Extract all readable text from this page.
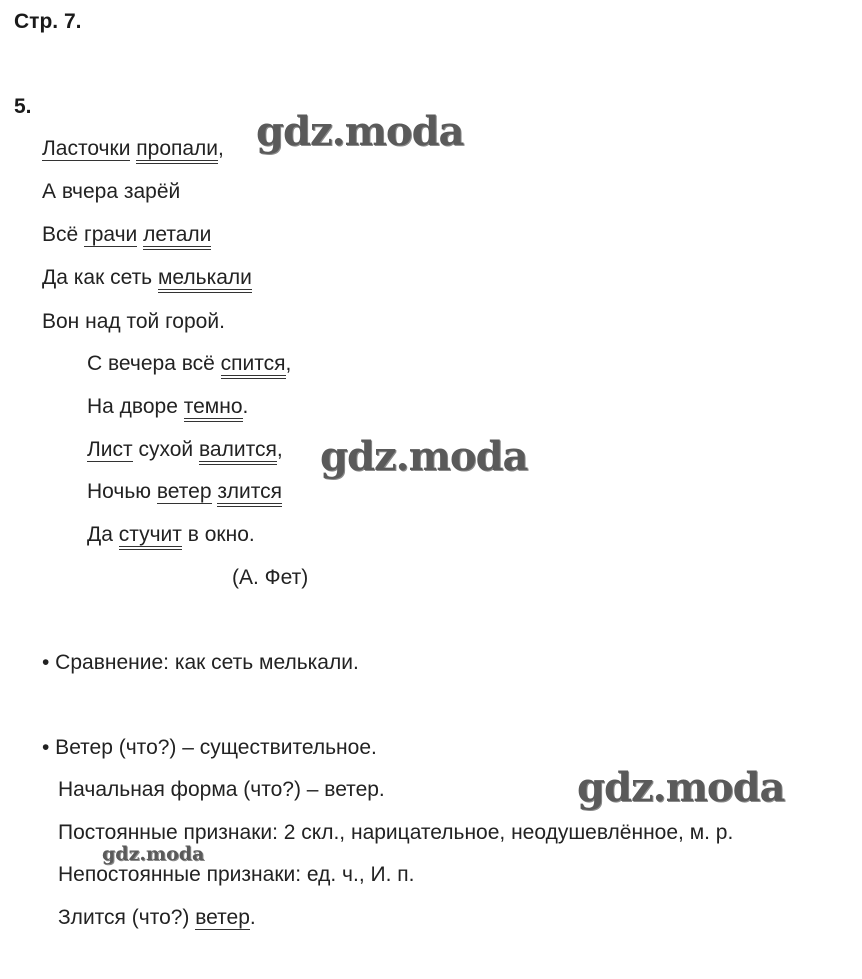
Стр. 7.
5.
Ласточки пропали,
А вчера зарёй
Всё грачи летали
Да как сеть мелькали
Вон над той горой.
С вечера всё спится,
На дворе темно.
Лист сухой валится,
Ночью ветер злится
Да стучит в окно.
(А. Фет)
• Сравнение: как сеть мелькали.
• Ветер (что?) – существительное.
Начальная форма (что?) – ветер.
Постоянные признаки: 2 скл., нарицательное, неодушевлённое, м. р.
Непостоянные признаки: ед. ч., И. п.
Злится (что?) ветер.
gdz.moda
gdz.moda
gdz.moda
gdz.moda
